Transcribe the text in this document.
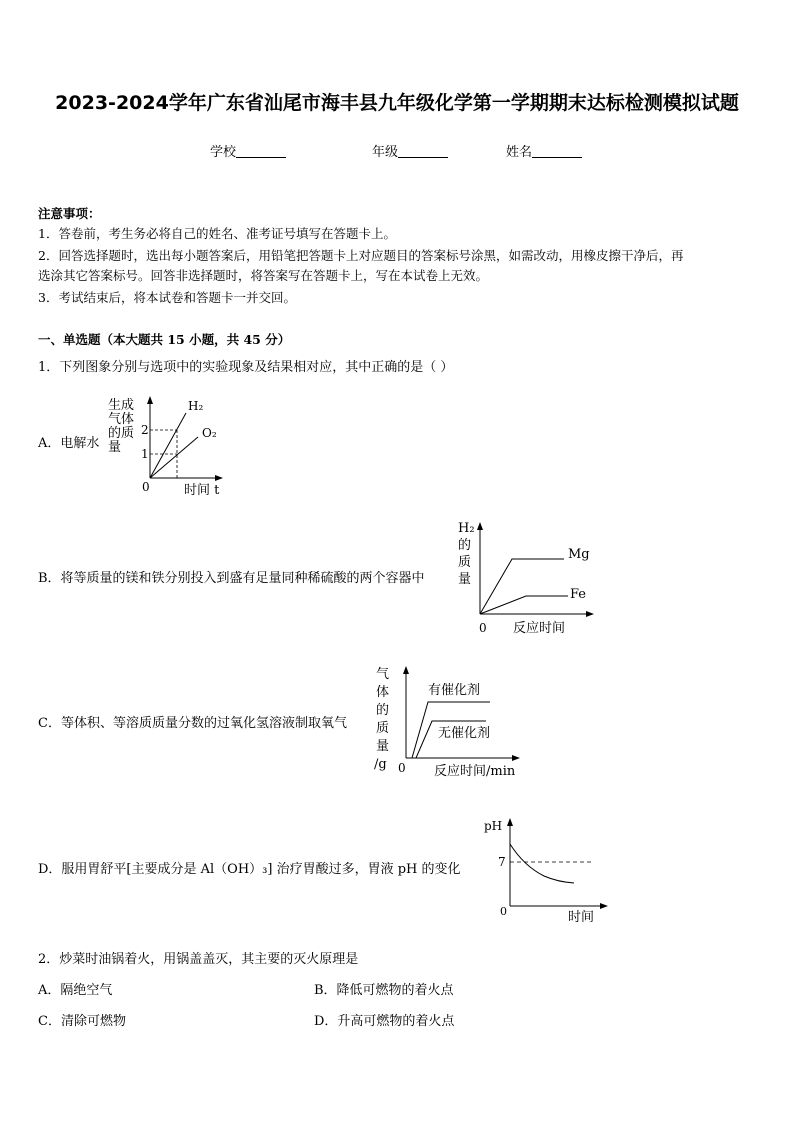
2023-2024学年广东省汕尾市海丰县九年级化学第一学期期末达标检测模拟试题
学校	年级	姓名
注意事项：
1．答卷前，考生务必将自己的姓名、准考证号填写在答题卡上。
2．回答选择题时，选出每小题答案后，用铅笔把答题卡上对应题目的答案标号涂黑，如需改动，用橡皮擦干净后，再
选涂其它答案标号。回答非选择题时，将答案写在答题卡上，写在本试卷上无效。
3．考试结束后，将本试卷和答题卡一并交回。
一、单选题（本大题共 15 小题，共 45 分）
1．下列图象分别与选项中的实验现象及结果相对应，其中正确的是（ ）
A．电解水
2
1
0	时间 t
H₂
O₂
生成
气体
的质
量
B．将等质量的镁和铁分别投入到盛有足量同种稀硫酸的两个容器中
Mg
Fe
0 反应时间
H₂
的
质
量
C．等体积、等溶质质量分数的过氧化氢溶液制取氧气
有催化剂
无催化剂
0 反应时间/min
气
体
的
质
量
/g
D．服用胃舒平[主要成分是 Al（OH）₃] 治疗胃酸过多，胃液 pH 的变化
pH
7
0	时间
2．炒菜时油锅着火，用锅盖盖灭，其主要的灭火原理是
A．隔绝空气	B．降低可燃物的着火点
C．清除可燃物	D．升高可燃物的着火点
